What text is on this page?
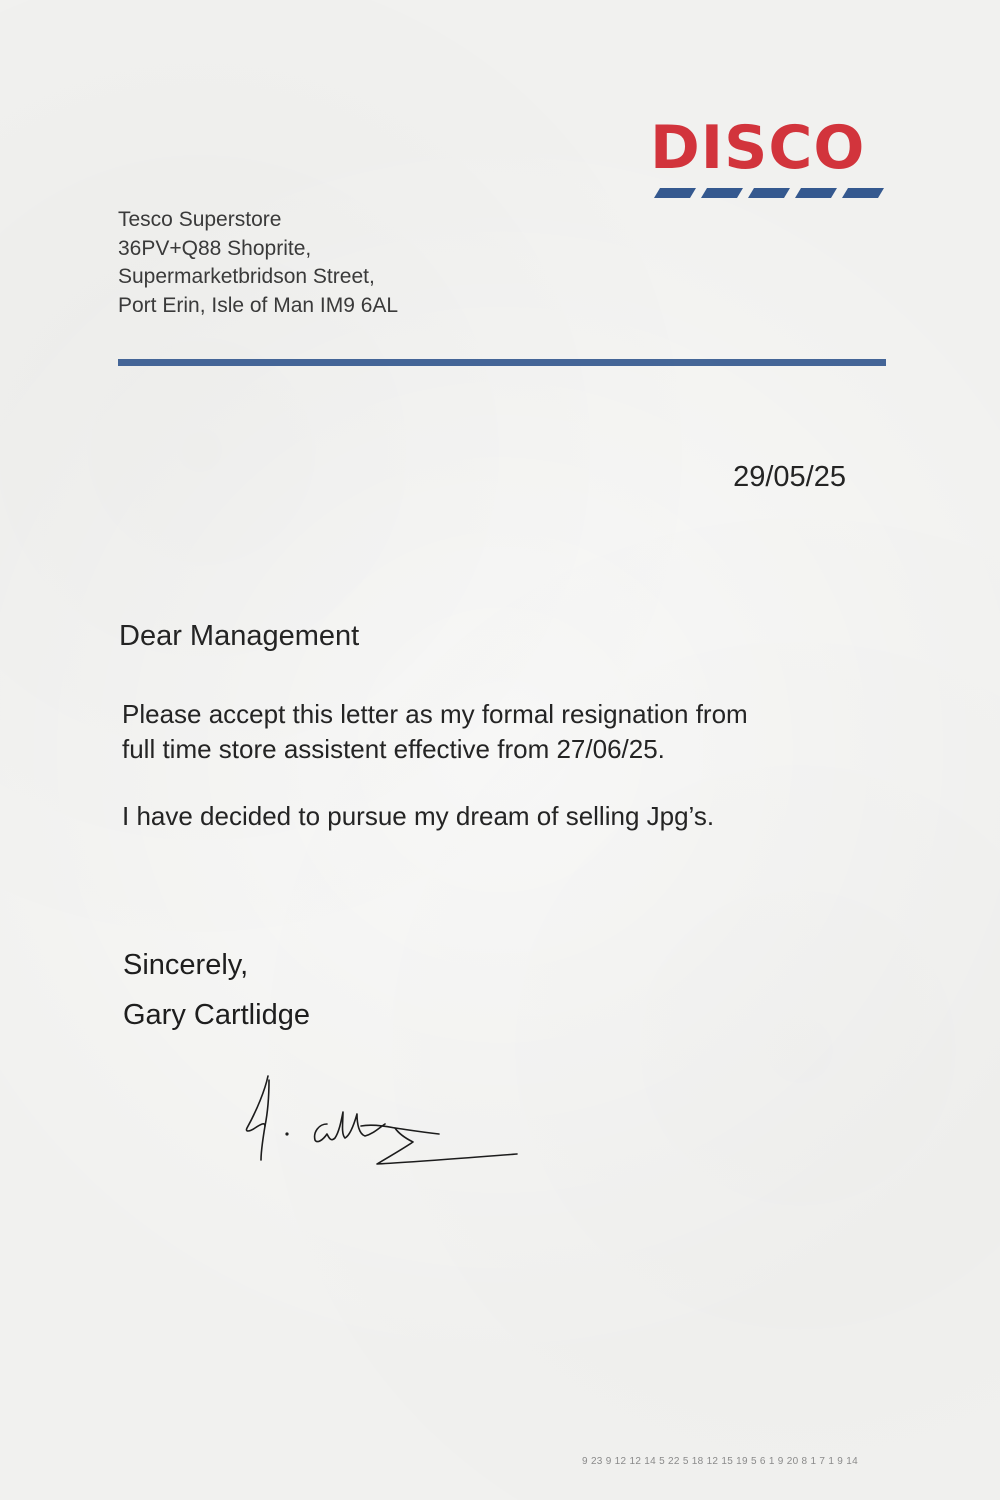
DISCO
Tesco Superstore
36PV+Q88 Shoprite,
Supermarketbridson Street,
Port Erin, Isle of Man IM9 6AL
29/05/25
Dear Management
Please accept this letter as my formal resignation from
full time store assistent effective from 27/06/25.
I have decided to pursue my dream of selling Jpg’s.
Sincerely,
Gary Cartlidge
9 23 9 12 12 14 5 22 5 18 12 15 19 5 6 1 9 20 8 1 7 1 9 14
